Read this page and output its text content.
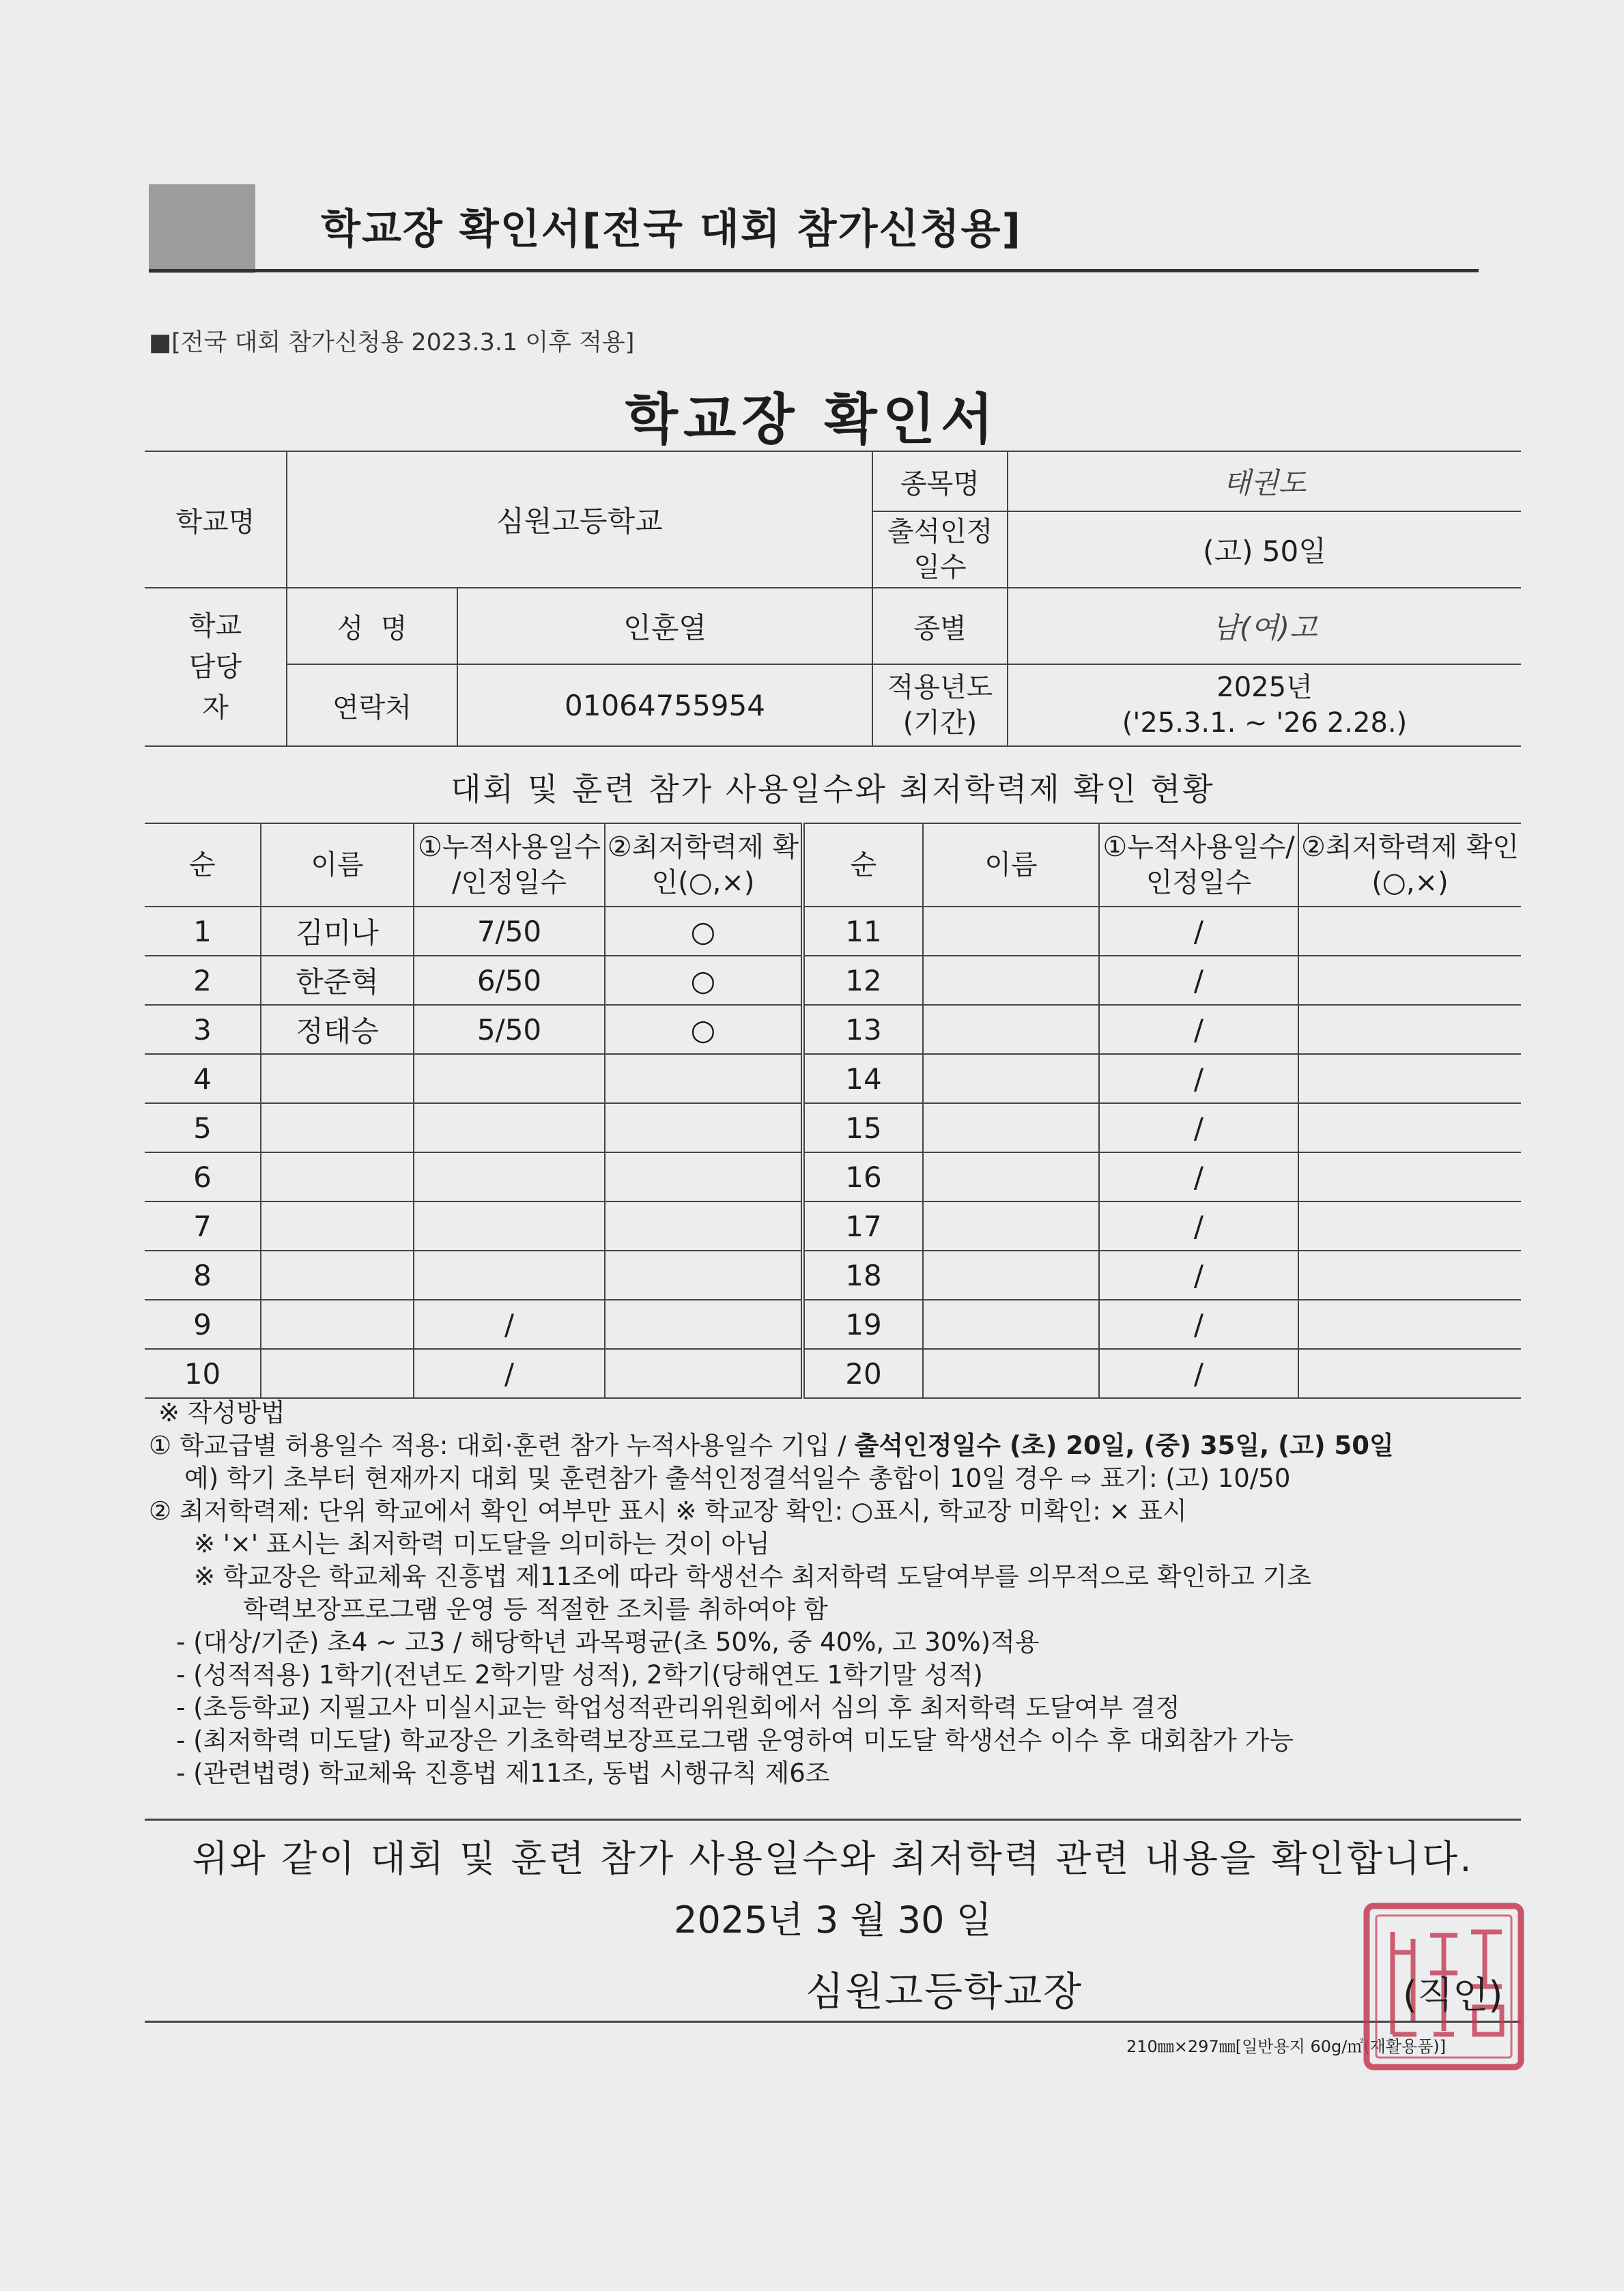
학교장 확인서[전국 대회 참가신청용]
■[전국 대회 참가신청용 2023.3.1 이후 적용]
학교장 확인서
학교명	심원고등학교		종목명	태권도
			출석인정 일수	(고) 50일
학교 담당자	성  명	인훈열	종별	남(여)고
	연락처	01064755954	적용년도 (기간)	2025년
('25.3.1. ~ '26 2.28.)
대회 및 훈련 참가 사용일수와 최저학력제 확인 현황
순	이름	①누적사용일수 /인정일수	②최저학력제 확인(○,×)	순	이름	①누적사용일수/ 인정일수	②최저학력제 확인(○,×)
1	김미나	7/50	○	11		/	
2	한준혁	6/50	○	12		/	
3	정태승	5/50	○	13		/	
4				14		/	
5				15		/	
6				16		/	
7				17		/	
8				18		/	
9		/		19		/	
10		/		20		/	
※ 작성방법
① 학교급별 허용일수 적용: 대회·훈련 참가 누적사용일수 기입 / 출석인정일수 (초) 20일, (중) 35일, (고) 50일
예) 학기 초부터 현재까지 대회 및 훈련참가 출석인정결석일수 총합이 10일 경우 ⇨ 표기: (고) 10/50
② 최저학력제: 단위 학교에서 확인 여부만 표시 ※ 학교장 확인: ○표시, 학교장 미확인: × 표시
※ '×' 표시는 최저학력 미도달을 의미하는 것이 아님
※ 학교장은 학교체육 진흥법 제11조에 따라 학생선수 최저학력 도달여부를 의무적으로 확인하고 기초
학력보장프로그램 운영 등 적절한 조치를 취하여야 함
- (대상/기준) 초4 ~ 고3 / 해당학년 과목평균(초 50%, 중 40%, 고 30%)적용
- (성적적용) 1학기(전년도 2학기말 성적), 2학기(당해연도 1학기말 성적)
- (초등학교) 지필고사 미실시교는 학업성적관리위원회에서 심의 후 최저학력 도달여부 결정
- (최저학력 미도달) 학교장은 기초학력보장프로그램 운영하여 미도달 학생선수 이수 후 대회참가 가능
- (관련법령) 학교체육 진흥법 제11조, 동법 시행규칙 제6조
위와 같이 대회 및 훈련 참가 사용일수와 최저학력 관련 내용을 확인합니다.
2025년 3 월 30 일
심원고등학교장	(직인)
210㎜×297㎜[일반용지 60g/㎡(재활용품)]
